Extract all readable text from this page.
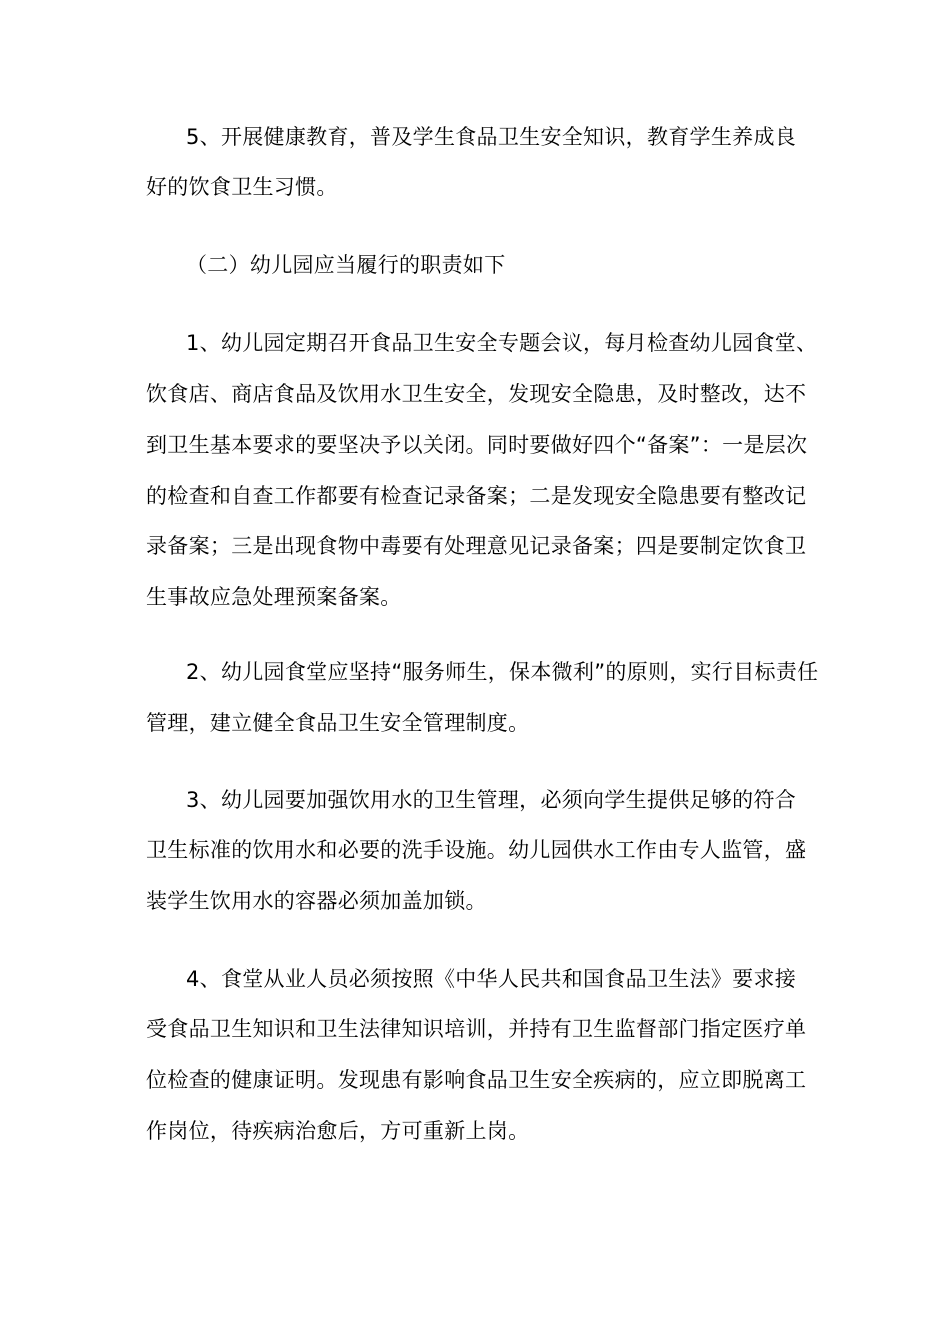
5、开展健康教育，普及学生食品卫生安全知识，教育学生养成良
好的饮食卫生习惯。
（二）幼儿园应当履行的职责如下
1、幼儿园定期召开食品卫生安全专题会议，每月检查幼儿园食堂、
饮食店、商店食品及饮用水卫生安全，发现安全隐患，及时整改，达不
到卫生基本要求的要坚决予以关闭。同时要做好四个“备案”：一是层次
的检查和自查工作都要有检查记录备案；二是发现安全隐患要有整改记
录备案；三是出现食物中毒要有处理意见记录备案；四是要制定饮食卫
生事故应急处理预案备案。
2、幼儿园食堂应坚持“服务师生，保本微利”的原则，实行目标责任
管理，建立健全食品卫生安全管理制度。
3、幼儿园要加强饮用水的卫生管理，必须向学生提供足够的符合
卫生标准的饮用水和必要的洗手设施。幼儿园供水工作由专人监管，盛
装学生饮用水的容器必须加盖加锁。
4、食堂从业人员必须按照《中华人民共和国食品卫生法》要求接
受食品卫生知识和卫生法律知识培训，并持有卫生监督部门指定医疗单
位检查的健康证明。发现患有影响食品卫生安全疾病的，应立即脱离工
作岗位，待疾病治愈后，方可重新上岗。
